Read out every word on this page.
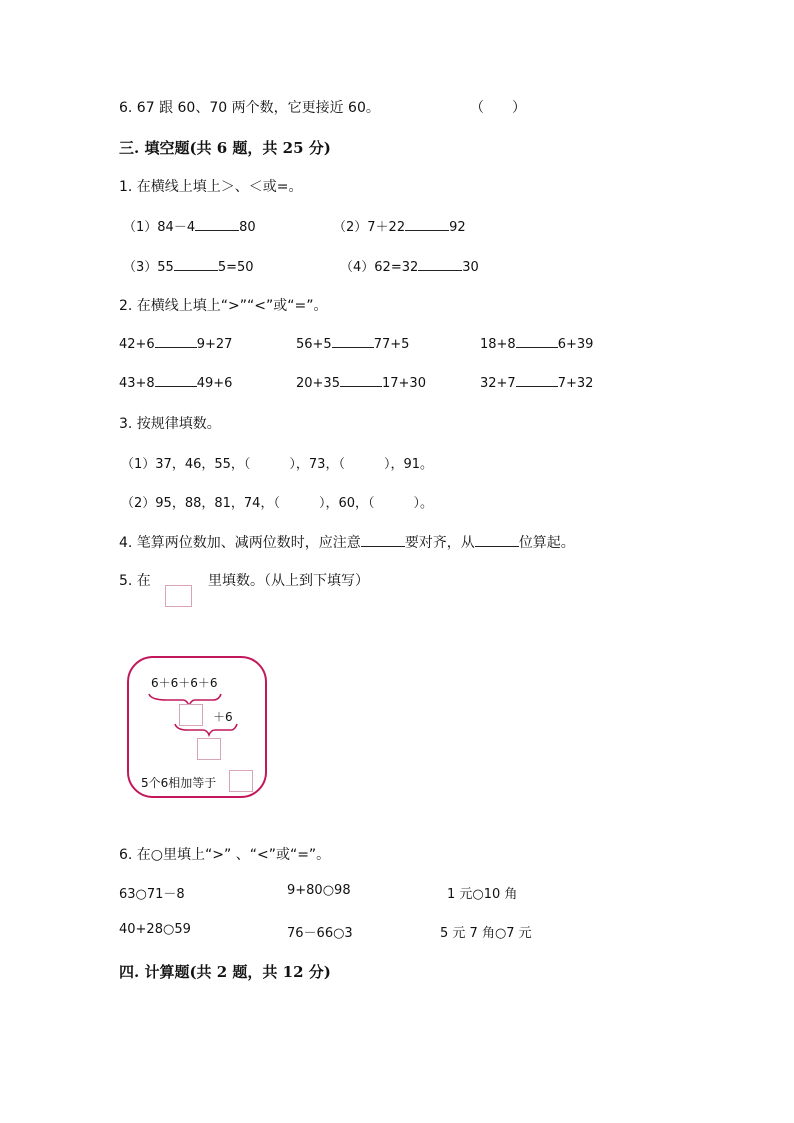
6. 67 跟 60、70 两个数，它更接近 60。	（　　）
三. 填空题(共 6 题，共 25 分)
1. 在横线上填上＞、＜或=。
（1）84－4	80	（2）7＋22	92
（3）55	5=50	（4）62=32	30
2. 在横线上填上“>”“<”或“=”。
42+6	9+27	56+5	77+5	18+8	6+39
43+8	49+6	20+35	17+30	32+7	7+32
3. 按规律填数。
（1）37，46，55，（　　　），73，（　　　），91。
（2）95，88，81，74，（　　　），60，（　　　）。
4. 笔算两位数加、减两位数时，应注意	要对齐，从	位算起。
5. 在	里填数。（从上到下填写）
6＋6＋6＋6
＋6
5个6相加等于
6. 在○里填上“>” 、“<”或“=”。
63○71－8	9+80○98	1 元○10 角
40+28○59	76－66○3	5 元 7 角○7 元
四. 计算题(共 2 题，共 12 分)
